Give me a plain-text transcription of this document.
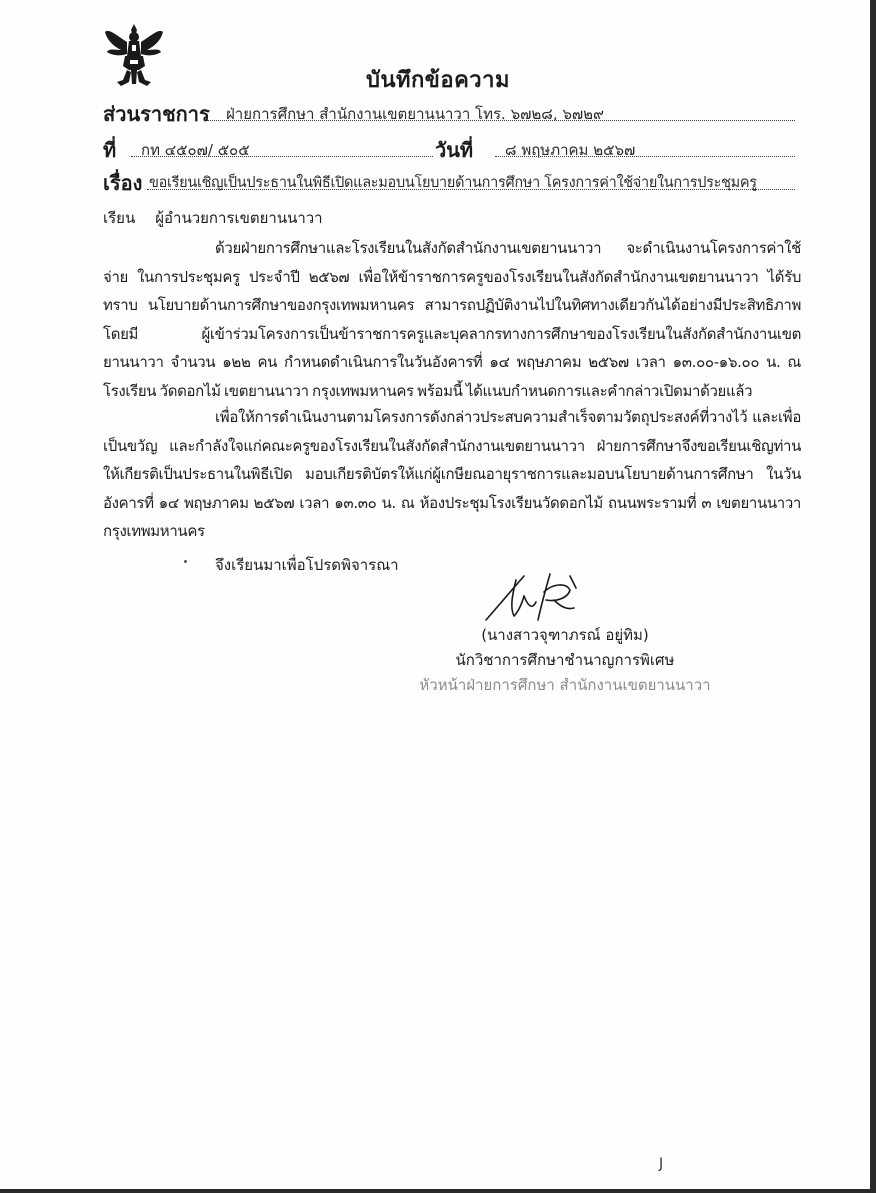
บันทึกข้อความ
ส่วนราชการ ฝ่ายการศึกษา สำนักงานเขตยานนาวา โทร. ๖๗๒๘, ๖๗๒๙
ที่ กท ๔๕๐๗/ ๕๐๕	วันที่ ๘ พฤษภาคม ๒๕๖๗
เรื่อง ขอเรียนเชิญเป็นประธานในพิธีเปิดและมอบนโยบายด้านการศึกษา โครงการค่าใช้จ่ายในการประชุมครู
เรียน ผู้อำนวยการเขตยานนาวา
ด้วยฝ่ายการศึกษาและโรงเรียนในสังกัดสำนักงานเขตยานนาวา จะดำเนินงานโครงการค่าใช้จ่าย ในการประชุมครู ประจำปี ๒๕๖๗ เพื่อให้ข้าราชการครูของโรงเรียนในสังกัดสำนักงานเขตยานนาวา ได้รับทราบ นโยบายด้านการศึกษาของกรุงเทพมหานคร สามารถปฏิบัติงานไปในทิศทางเดียวกันได้อย่างมีประสิทธิภาพ โดยมี ผู้เข้าร่วมโครงการเป็นข้าราชการครูและบุคลากรทางการศึกษาของโรงเรียนในสังกัดสำนักงานเขตยานนาวา จำนวน ๑๒๒ คน กำหนดดำเนินการในวันอังคารที่ ๑๔ พฤษภาคม ๒๕๖๗ เวลา ๑๓.๐๐-๑๖.๐๐ น. ณ โรงเรียน วัดดอกไม้ เขตยานนาวา กรุงเทพมหานคร พร้อมนี้ ได้แนบกำหนดการและคำกล่าวเปิดมาด้วยแล้ว
เพื่อให้การดำเนินงานตามโครงการดังกล่าวประสบความสำเร็จตามวัตถุประสงค์ที่วางไว้ และเพื่อ เป็นขวัญ และกำลังใจแก่คณะครูของโรงเรียนในสังกัดสำนักงานเขตยานนาวา ฝ่ายการศึกษาจึงขอเรียนเชิญท่าน ให้เกียรติเป็นประธานในพิธีเปิด มอบเกียรติบัตรให้แก่ผู้เกษียณอายุราชการและมอบนโยบายด้านการศึกษา ในวัน อังคารที่ ๑๔ พฤษภาคม ๒๕๖๗ เวลา ๑๓.๓๐ น. ณ ห้องประชุมโรงเรียนวัดดอกไม้ ถนนพระรามที่ ๓ เขตยานนาวา กรุงเทพมหานคร
จึงเรียนมาเพื่อโปรดพิจารณา
(นางสาวจุฑาภรณ์ อยู่ทิม)
นักวิชาการศึกษาชำนาญการพิเศษ
หัวหน้าฝ่ายการศึกษา สำนักงานเขตยานนาวา
J
